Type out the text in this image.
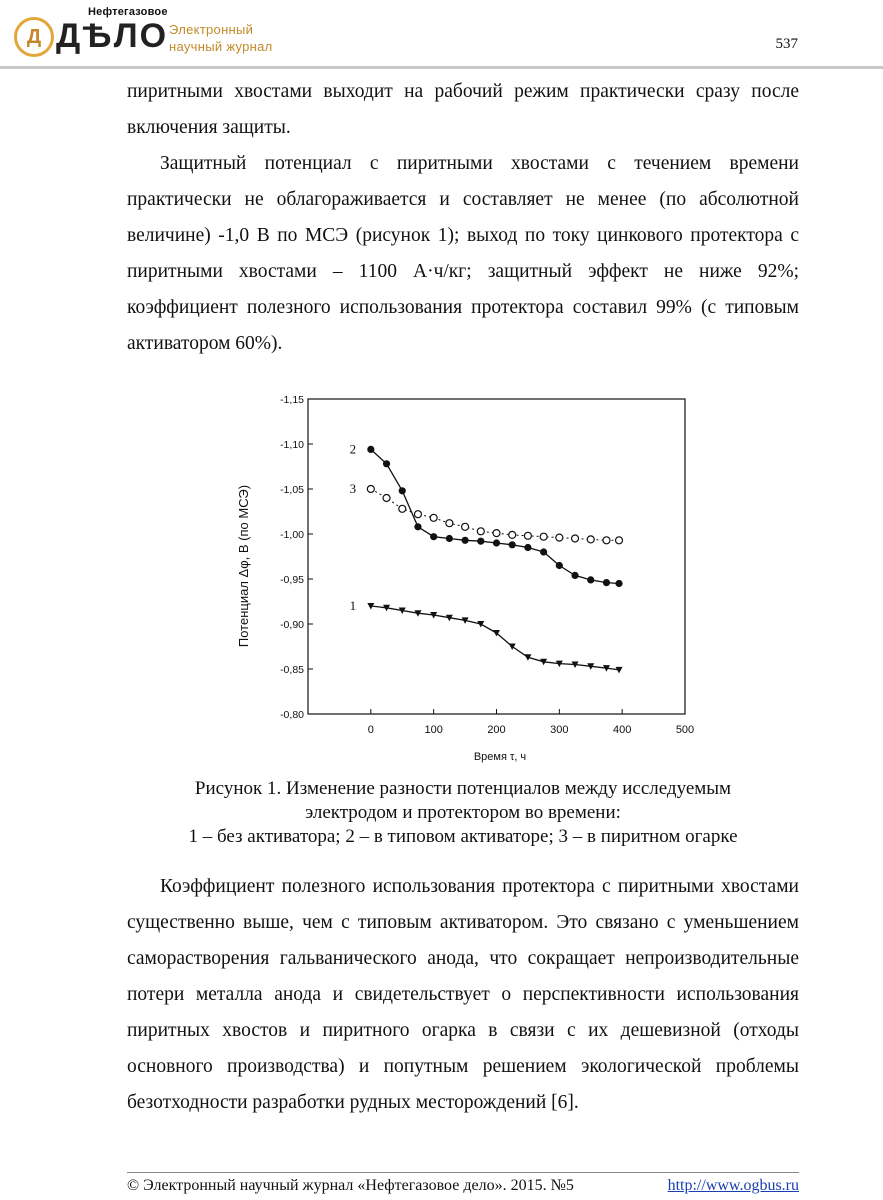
Д
Нефтегазовое
ДѢЛО Электронный
научный журнал	537

пиритными хвостами выходит на рабочий режим практически сразу после включения защиты.

Защитный потенциал с пиритными хвостами с течением времени практически не облагораживается и составляет не менее (по абсолютной величине) -1,0 В по МСЭ (рисунок 1); выход по току цинкового протектора с пиритными хвостами – 1100 А·ч/кг; защитный эффект не ниже 92%; коэффициент полезного использования протектора составил 99% (с типовым активатором 60%).

-1,15
-1,10
-1,05
-1,00
-0,95
-0,90
-0,85
-0,80
0	100	200	300	400	500
1
2
3
Потенциал Δφ, В (по МСЭ)
Время τ, ч
Рисунок 1. Изменение разности потенциалов между исследуемым
электродом и протектором во времени:
1 – без активатора; 2 – в типовом активаторе; 3 – в пиритном огарке

Коэффициент полезного использования протектора с пиритными хвостами существенно выше, чем с типовым активатором. Это связано с уменьшением саморастворения гальванического анода, что сокращает непроизводительные потери металла анода и свидетельствует о перспективности использования пиритных хвостов и пиритного огарка в связи с их дешевизной (отходы основного производства) и попутным решением экологической проблемы безотходности разработки рудных месторождений [6].

© Электронный научный журнал «Нефтегазовое дело». 2015. №5	http://www.ogbus.ru
